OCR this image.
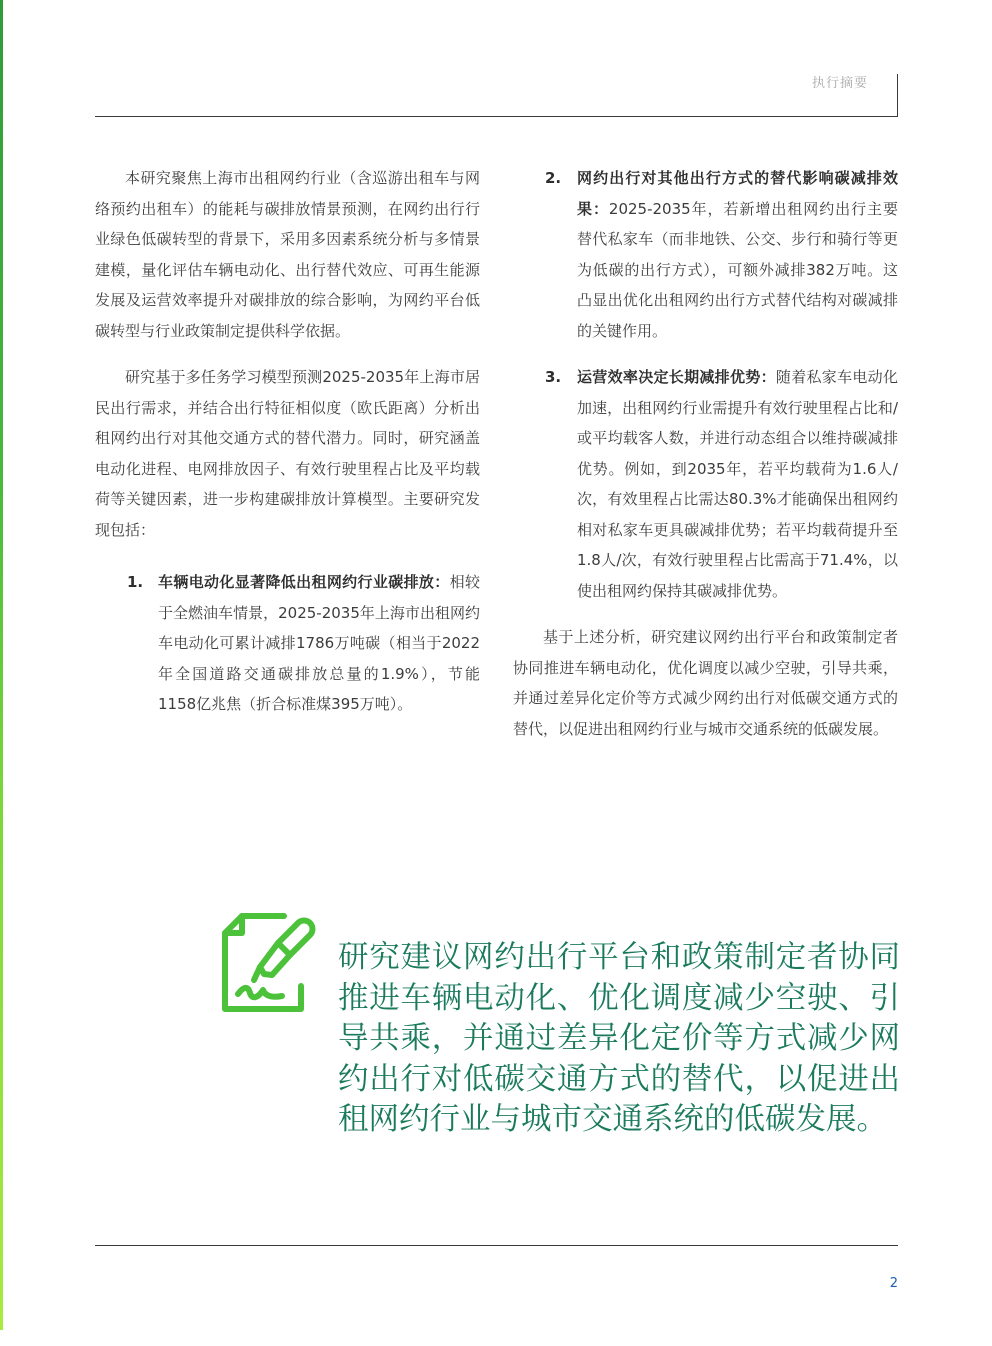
执行摘要

本研究聚焦上海市出租网约行业（含巡游出租车与网络预约出租车）的能耗与碳排放情景预测，在网约出行行业绿色低碳转型的背景下，采用多因素系统分析与多情景建模，量化评估车辆电动化、出行替代效应、可再生能源发展及运营效率提升对碳排放的综合影响，为网约平台低碳转型与行业政策制定提供科学依据。

研究基于多任务学习模型预测2025-2035年上海市居民出行需求，并结合出行特征相似度（欧氏距离）分析出租网约出行对其他交通方式的替代潜力。同时，研究涵盖电动化进程、电网排放因子、有效行驶里程占比及平均载荷等关键因素，进一步构建碳排放计算模型。主要研究发现包括：

1. 车辆电动化显著降低出租网约行业碳排放：相较于全燃油车情景，2025-2035年上海市出租网约车电动化可累计减排1786万吨碳（相当于2022年全国道路交通碳排放总量的1.9%），节能1158亿兆焦（折合标准煤395万吨）。
2. 网约出行对其他出行方式的替代影响碳减排效果：2025-2035年，若新增出租网约出行主要替代私家车（而非地铁、公交、步行和骑行等更为低碳的出行方式），可额外减排382万吨。这凸显出优化出租网约出行方式替代结构对碳减排的关键作用。
3. 运营效率决定长期减排优势：随着私家车电动化加速，出租网约行业需提升有效行驶里程占比和/或平均载客人数，并进行动态组合以维持碳减排优势。例如，到2035年，若平均载荷为1.6人/次，有效里程占比需达80.3%才能确保出租网约相对私家车更具碳减排优势；若平均载荷提升至1.8人/次，有效行驶里程占比需高于71.4%，以使出租网约保持其碳减排优势。

基于上述分析，研究建议网约出行平台和政策制定者协同推进车辆电动化，优化调度以减少空驶，引导共乘，并通过差异化定价等方式减少网约出行对低碳交通方式的替代，以促进出租网约行业与城市交通系统的低碳发展。

研究建议网约出行平台和政策制定者协同推进车辆电动化、优化调度减少空驶、引导共乘，并通过差异化定价等方式减少网约出行对低碳交通方式的替代，以促进出租网约行业与城市交通系统的低碳发展。
2
